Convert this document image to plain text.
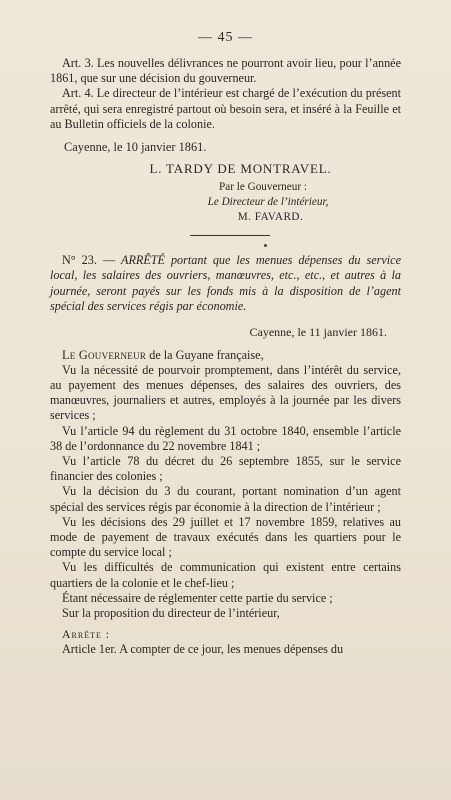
— 45 —

Art. 3. Les nouvelles délivrances ne pourront avoir lieu, pour l’année 1861, que sur une décision du gouverneur.

Art. 4. Le directeur de l’intérieur est chargé de l’exécution du présent arrêté, qui sera enregistré partout où besoin sera, et inséré à la Feuille et au Bulletin officiels de la colonie.

Cayenne, le 10 janvier 1861.
L. TARDY DE MONTRAVEL.
Par le Gouverneur :
Le Directeur de l’intérieur,
M. FAVARD.

N° 23. — ARRÊTÉ portant que les menues dépenses du service local, les salaires des ouvriers, manœuvres, etc., etc., et autres à la journée, seront payés sur les fonds mis à la disposition de l’agent spécial des services régis par économie.

Cayenne, le 11 janvier 1861.

Le Gouverneur de la Guyane française,

Vu la nécessité de pourvoir promptement, dans l’intérêt du service, au payement des menues dépenses, des salaires des ouvriers, des manœuvres, journaliers et autres, employés à la journée par les divers services ;

Vu l’article 94 du règlement du 31 octobre 1840, ensemble l’article 38 de l’ordonnance du 22 novembre 1841 ;

Vu l’article 78 du décret du 26 septembre 1855, sur le service financier des colonies ;

Vu la décision du 3 du courant, portant nomination d’un agent spécial des services régis par économie à la direction de l’intérieur ;

Vu les décisions des 29 juillet et 17 novembre 1859, relatives au mode de payement de travaux exécutés dans les quartiers pour le compte du service local ;

Vu les difficultés de communication qui existent entre certains quartiers de la colonie et le chef-lieu ;

Étant nécessaire de réglementer cette partie du service ;

Sur la proposition du directeur de l’intérieur,

Arrête :

Article 1er. A compter de ce jour, les menues dépenses du
